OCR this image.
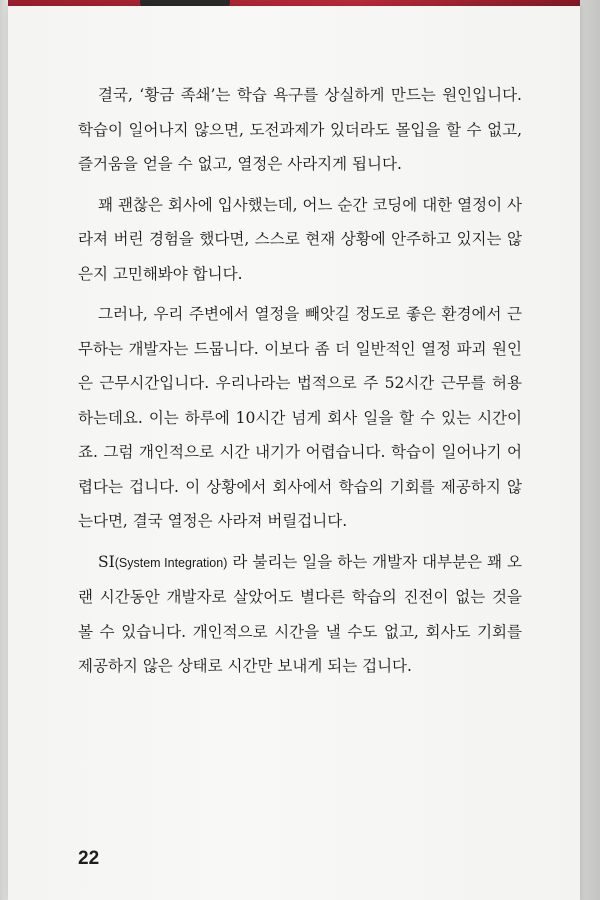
결국, ‘황금 족쇄’는 학습 욕구를 상실하게 만드는 원인입니다. 학습이 일어나지 않으면, 도전과제가 있더라도 몰입을 할 수 없고, 즐거움을 얻을 수 없고, 열정은 사라지게 됩니다.

꽤 괜찮은 회사에 입사했는데, 어느 순간 코딩에 대한 열정이 사라져 버린 경험을 했다면, 스스로 현재 상황에 안주하고 있지는 않은지 고민해봐야 합니다.

그러나, 우리 주변에서 열정을 빼앗길 정도로 좋은 환경에서 근무하는 개발자는 드뭅니다. 이보다 좀 더 일반적인 열정 파괴 원인은 근무시간입니다. 우리나라는 법적으로 주 52시간 근무를 허용하는데요. 이는 하루에 10시간 넘게 회사 일을 할 수 있는 시간이죠. 그럼 개인적으로 시간 내기가 어렵습니다. 학습이 일어나기 어렵다는 겁니다. 이 상황에서 회사에서 학습의 기회를 제공하지 않는다면, 결국 열정은 사라져 버릴겁니다.

SI(System Integration) 라 불리는 일을 하는 개발자 대부분은 꽤 오랜 시간동안 개발자로 살았어도 별다른 학습의 진전이 없는 것을 볼 수 있습니다. 개인적으로 시간을 낼 수도 없고, 회사도 기회를 제공하지 않은 상태로 시간만 보내게 되는 겁니다.

22
